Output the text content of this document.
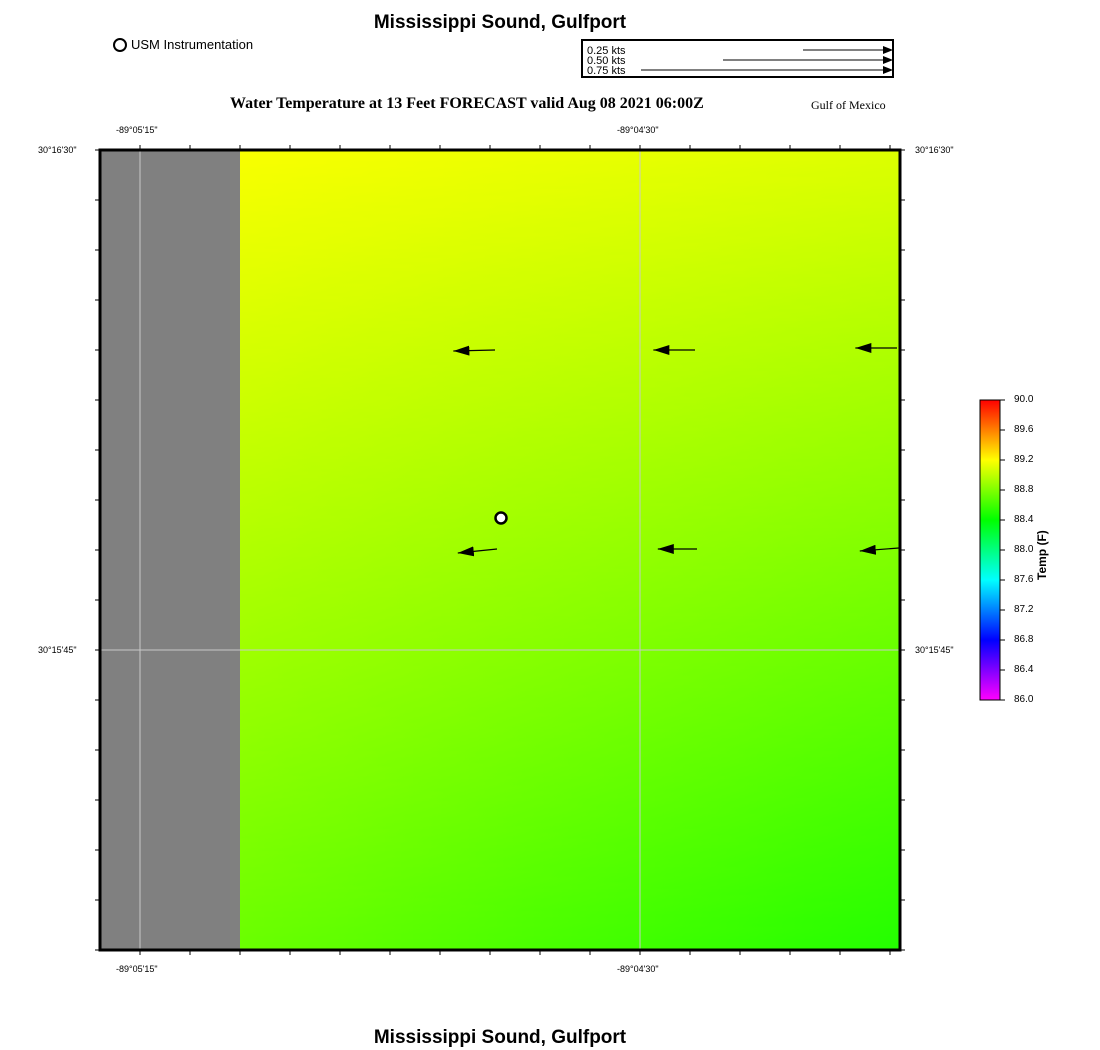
Mississippi Sound, Gulfport
Mississippi Sound, Gulfport
USM Instrumentation	0.25 kts
0.50 kts
0.75 kts
Water Temperature at 13 Feet FORECAST valid Aug 08 2021 06:00Z	Gulf of Mexico
-89°05'15"	-89°04'30"
-89°05'15"	-89°04'30"
30°16'30"
30°15'45"
30°16'30"
30°15'45"
90.0
89.6
89.2
88.8
88.4
88.0
87.6
87.2
86.8
86.4
86.0
Temp (F)
